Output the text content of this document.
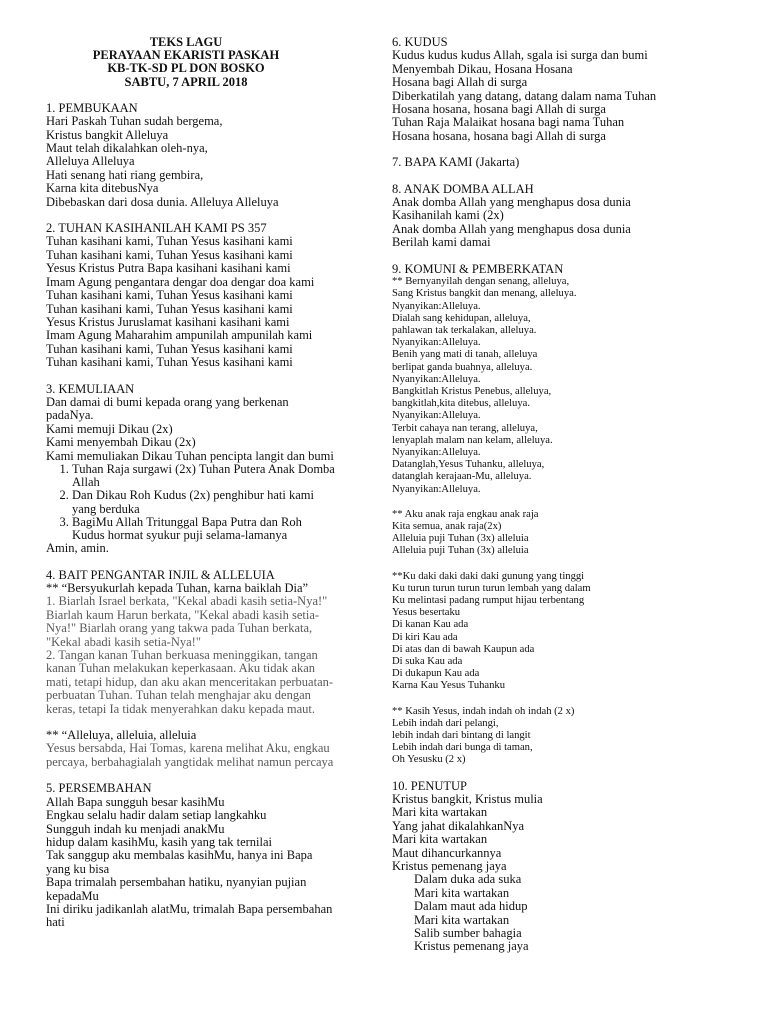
TEKS LAGU
PERAYAAN EKARISTI PASKAH
KB-TK-SD PL DON BOSKO
SABTU, 7 APRIL 2018
1. PEMBUKAAN
Hari Paskah Tuhan sudah bergema,
Kristus bangkit Alleluya
Maut telah dikalahkan oleh-nya,
Alleluya Alleluya
Hati senang hati riang gembira,
Karna kita ditebusNya
Dibebaskan dari dosa dunia. Alleluya Alleluya
2. TUHAN KASIHANILAH KAMI PS 357
Tuhan kasihani kami, Tuhan Yesus kasihani kami
Tuhan kasihani kami, Tuhan Yesus kasihani kami
Yesus Kristus Putra Bapa kasihani kasihani kami
Imam Agung pengantara dengar doa dengar doa kami
Tuhan kasihani kami, Tuhan Yesus kasihani kami
Tuhan kasihani kami, Tuhan Yesus kasihani kami
Yesus Kristus Juruslamat kasihani kasihani kami
Imam Agung Maharahim ampunilah ampunilah kami
Tuhan kasihani kami, Tuhan Yesus kasihani kami
Tuhan kasihani kami, Tuhan Yesus kasihani kami
3. KEMULIAAN
Dan damai di bumi kepada orang yang berkenan
padaNya.
Kami memuji Dikau (2x)
Kami menyembah Dikau (2x)
Kami memuliakan Dikau Tuhan pencipta langit dan bumi
1. Tuhan Raja surgawi (2x) Tuhan Putera Anak Domba
Allah
2. Dan Dikau Roh Kudus (2x) penghibur hati kami
yang berduka
3. BagiMu Allah Tritunggal Bapa Putra dan Roh
Kudus hormat syukur puji selama-lamanya
Amin, amin.
4. BAIT PENGANTAR INJIL & ALLELUIA
** “Bersyukurlah kepada Tuhan, karna baiklah Dia”
1. Biarlah Israel berkata, "Kekal abadi kasih setia-Nya!"
Biarlah kaum Harun berkata, "Kekal abadi kasih setia-
Nya!" Biarlah orang yang takwa pada Tuhan berkata,
"Kekal abadi kasih setia-Nya!"
2. Tangan kanan Tuhan berkuasa meninggikan, tangan
kanan Tuhan melakukan keperkasaan. Aku tidak akan
mati, tetapi hidup, dan aku akan menceritakan perbuatan-
perbuatan Tuhan. Tuhan telah menghajar aku dengan
keras, tetapi Ia tidak menyerahkan daku kepada maut.
** “Alleluya, alleluia, alleluia
Yesus bersabda, Hai Tomas, karena melihat Aku, engkau
percaya, berbahagialah yangtidak melihat namun percaya
5. PERSEMBAHAN
Allah Bapa sungguh besar kasihMu
Engkau selalu hadir dalam setiap langkahku
Sungguh indah ku menjadi anakMu
hidup dalam kasihMu, kasih yang tak ternilai
Tak sanggup aku membalas kasihMu, hanya ini Bapa
yang ku bisa
Bapa trimalah persembahan hatiku, nyanyian pujian
kepadaMu
Ini diriku jadikanlah alatMu, trimalah Bapa persembahan
hati
6. KUDUS
Kudus kudus kudus Allah, sgala isi surga dan bumi
Menyembah Dikau, Hosana Hosana
Hosana bagi Allah di surga
Diberkatilah yang datang, datang dalam nama Tuhan
Hosana hosana, hosana bagi Allah di surga
Tuhan Raja Malaikat hosana bagi nama Tuhan
Hosana hosana, hosana bagi Allah di surga
7. BAPA KAMI (Jakarta)
8. ANAK DOMBA ALLAH
Anak domba Allah yang menghapus dosa dunia
Kasihanilah kami (2x)
Anak domba Allah yang menghapus dosa dunia
Berilah kami damai
9. KOMUNI & PEMBERKATAN
** Bernyanyilah dengan senang, alleluya,
Sang Kristus bangkit dan menang, alleluya.
Nyanyikan:Alleluya.
Dialah sang kehidupan, alleluya,
pahlawan tak terkalakan, alleluya.
Nyanyikan:Alleluya.
Benih yang mati di tanah, alleluya
berlipat ganda buahnya, alleluya.
Nyanyikan:Alleluya.
Bangkitlah Kristus Penebus, alleluya,
bangkitlah,kita ditebus, alleluya.
Nyanyikan:Alleluya.
Terbit cahaya nan terang, alleluya,
lenyaplah malam nan kelam, alleluya.
Nyanyikan:Alleluya.
Datanglah,Yesus Tuhanku, alleluya,
datanglah kerajaan-Mu, alleluya.
Nyanyikan:Alleluya.
** Aku anak raja engkau anak raja
Kita semua, anak raja(2x)
Alleluia puji Tuhan (3x) alleluia
Alleluia puji Tuhan (3x) alleluia
**Ku daki daki daki daki gunung yang tinggi
Ku turun turun turun turun lembah yang dalam
Ku melintasi padang rumput hijau terbentang
Yesus besertaku
Di kanan Kau ada
Di kiri Kau ada
Di atas dan di bawah Kaupun ada
Di suka Kau ada
Di dukapun Kau ada
Karna Kau Yesus Tuhanku
** Kasih Yesus, indah indah oh indah (2 x)
Lebih indah dari pelangi,
lebih indah dari bintang di langit
Lebih indah dari bunga di taman,
Oh Yesusku (2 x)
10. PENUTUP
Kristus bangkit, Kristus mulia
Mari kita wartakan
Yang jahat dikalahkanNya
Mari kita wartakan
Maut dihancurkannya
Kristus pemenang jaya
Dalam duka ada suka
Mari kita wartakan
Dalam maut ada hidup
Mari kita wartakan
Salib sumber bahagia
Kristus pemenang jaya
